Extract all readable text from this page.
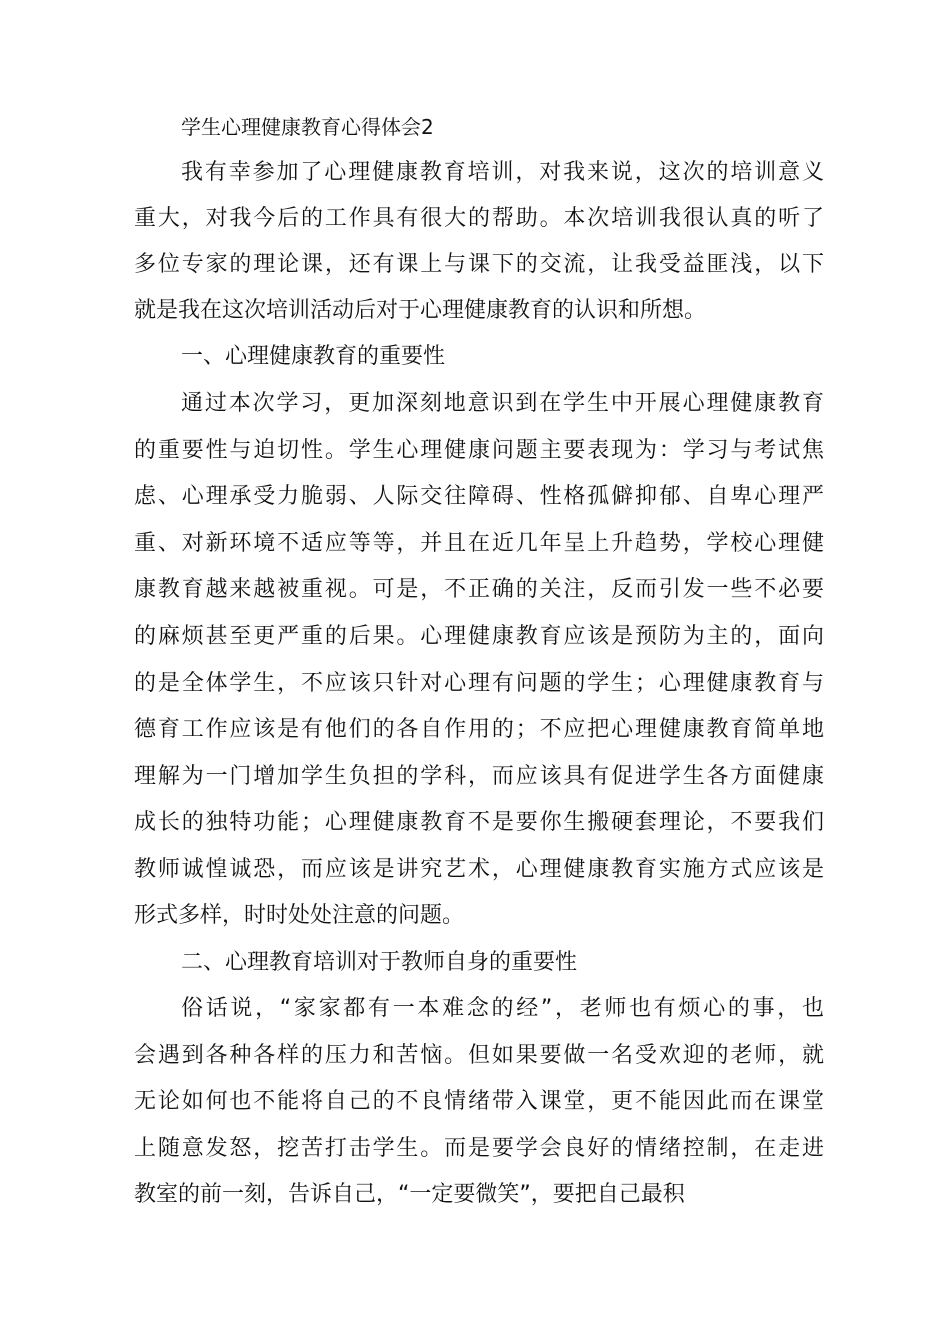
学生心理健康教育心得体会2
我有幸参加了心理健康教育培训，对我来说，这次的培训意义
重大，对我今后的工作具有很大的帮助。本次培训我很认真的听了
多位专家的理论课，还有课上与课下的交流，让我受益匪浅，以下
就是我在这次培训活动后对于心理健康教育的认识和所想。
一、心理健康教育的重要性
通过本次学习，更加深刻地意识到在学生中开展心理健康教育
的重要性与迫切性。学生心理健康问题主要表现为：学习与考试焦
虑、心理承受力脆弱、人际交往障碍、性格孤僻抑郁、自卑心理严
重、对新环境不适应等等，并且在近几年呈上升趋势，学校心理健
康教育越来越被重视。可是，不正确的关注，反而引发一些不必要
的麻烦甚至更严重的后果。心理健康教育应该是预防为主的，面向
的是全体学生，不应该只针对心理有问题的学生；心理健康教育与
德育工作应该是有他们的各自作用的；不应把心理健康教育简单地
理解为一门增加学生负担的学科，而应该具有促进学生各方面健康
成长的独特功能；心理健康教育不是要你生搬硬套理论，不要我们
教师诚惶诚恐，而应该是讲究艺术，心理健康教育实施方式应该是
形式多样，时时处处注意的问题。
二、心理教育培训对于教师自身的重要性
俗话说，“家家都有一本难念的经”，老师也有烦心的事，也
会遇到各种各样的压力和苦恼。但如果要做一名受欢迎的老师，就
无论如何也不能将自己的不良情绪带入课堂，更不能因此而在课堂
上随意发怒，挖苦打击学生。而是要学会良好的情绪控制，在走进
教室的前一刻，告诉自己，“一定要微笑”，要把自己最积
